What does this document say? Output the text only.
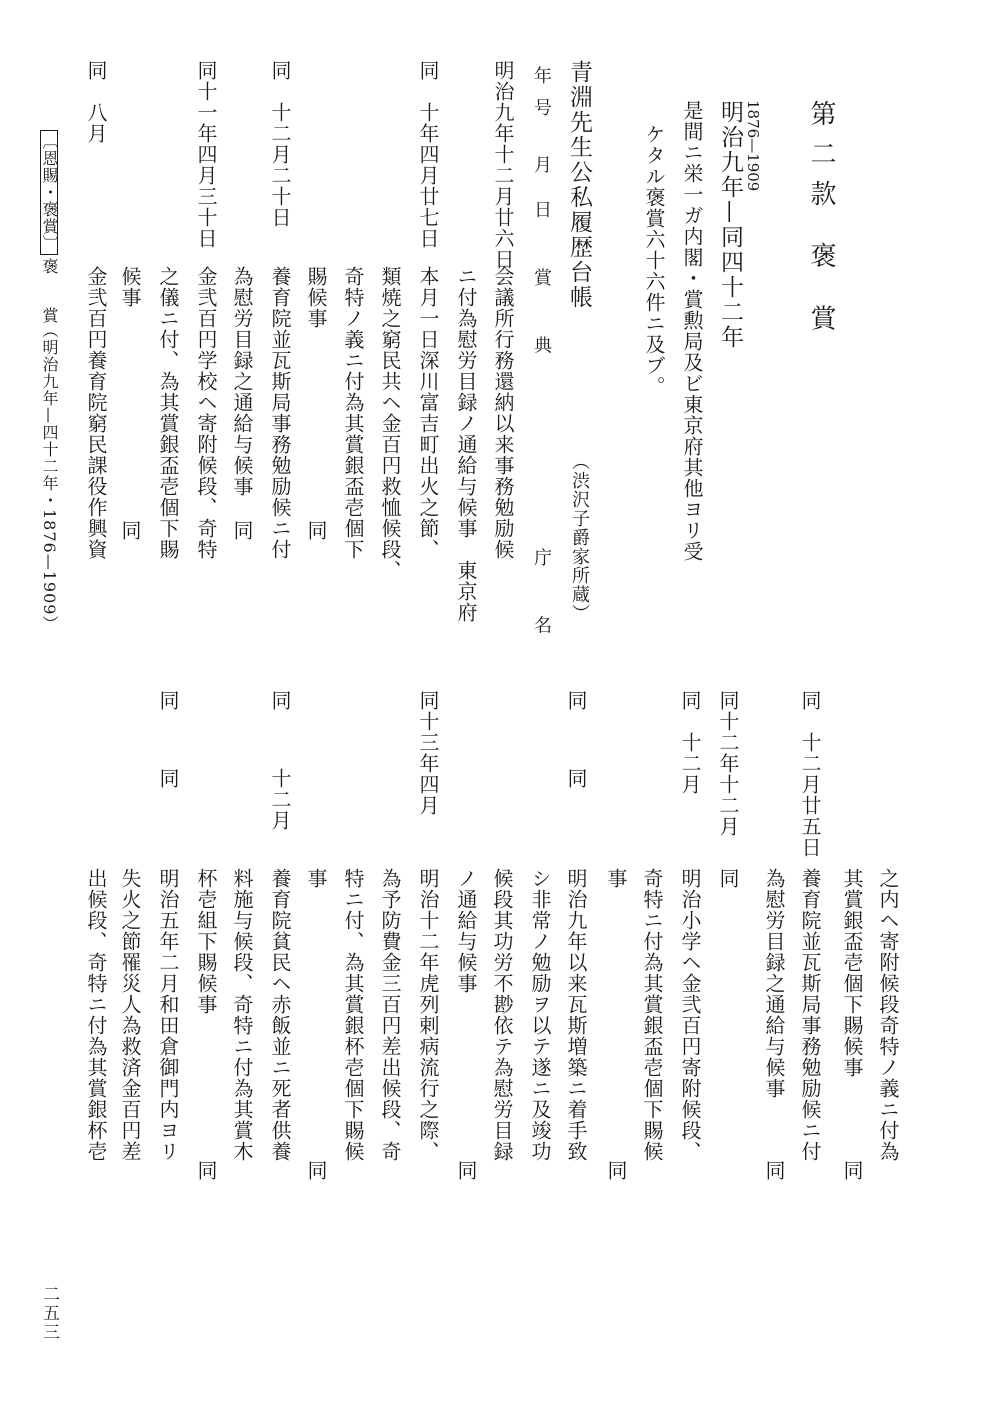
第二款 褒 賞
1876—1909
明治九年—同四十二年
是間ニ栄一ガ内閣・賞勲局及ビ東京府其他ヨリ受
ケタル褒賞六十六件ニ及ブ。
青淵先生公私履歴台帳
（渋沢子爵家所蔵）
年
号
月
日
賞 典
庁 名
明治九年十二月廿六日
会議所行務還納以来事務勉励候
ニ付為慰労目録ノ通給与候事　東京府
同　十年四月廿七日
本月一日深川富吉町出火之節、
類焼之窮民共ヘ金百円救恤候段、
奇特ノ義ニ付為其賞銀盃壱個下
賜候事
同
同　十二月二十日
養育院並瓦斯局事務勉励候ニ付
為慰労目録之通給与候事
同
同十一年四月三十日
金弐百円学校ヘ寄附候段、奇特
之儀ニ付、為其賞銀盃壱個下賜
候事
同
同　八月
金弐百円養育院窮民課役作興資
之内ヘ寄附候段奇特ノ義ニ付為
其賞銀盃壱個下賜候事
同
同　十二月廿五日
養育院並瓦斯局事務勉励候ニ付
為慰労目録之通給与候事
同
同十二年十二月
同
明治小学ヘ金弐百円寄附候段、
同　十二月
奇特ニ付為其賞銀盃壱個下賜候
事
同
同
同
明治九年以来瓦斯増築ニ着手致
シ非常ノ勉励ヲ以テ遂ニ及竣功
候段其功労不尠依テ為慰労目録
ノ通給与候事
同
同十三年四月
明治十二年虎列剌病流行之際、
為予防費金三百円差出候段、奇
特ニ付、為其賞銀杯壱個下賜候
事
同
同
十二月
養育院貧民ヘ赤飯並ニ死者供養
料施与候段、奇特ニ付為其賞木
杯壱組下賜候事
同
同
同
明治五年二月和田倉御門内ヨリ
失火之節罹災人為救済金百円差
出候段、奇特ニ付為其賞銀杯壱
〔恩賜・褒賞〕
褒 賞
（明治九年—四十二年・1876—1909）
二五三
